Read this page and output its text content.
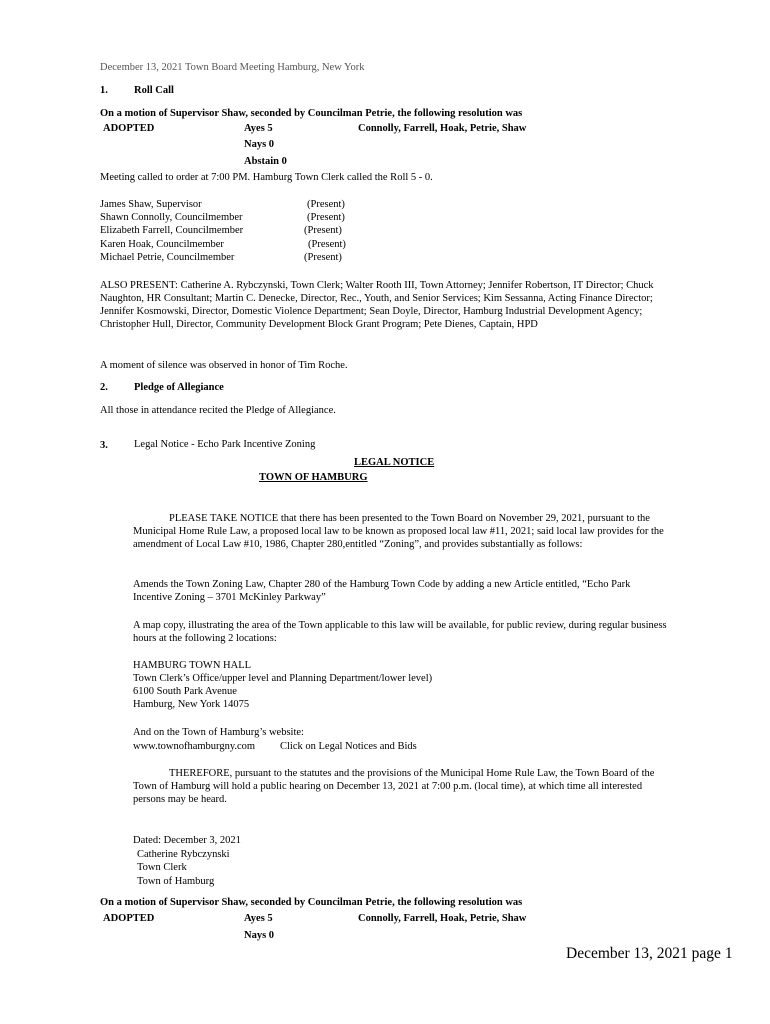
December 13, 2021 Town Board Meeting Hamburg, New York
1. Roll Call
On a motion of Supervisor Shaw, seconded by Councilman Petrie, the following resolution was
ADOPTED	Ayes 5	Connolly, Farrell, Hoak, Petrie, Shaw
Nays 0
Abstain 0
Meeting called to order at 7:00 PM. Hamburg Town Clerk called the Roll 5 - 0.
James Shaw, Supervisor	(Present)
Shawn Connolly, Councilmember	(Present)
Elizabeth Farrell, Councilmember	(Present)
Karen Hoak, Councilmember	(Present)
Michael Petrie, Councilmember	(Present)
ALSO PRESENT: Catherine A. Rybczynski, Town Clerk; Walter Rooth III, Town Attorney; Jennifer Robertson, IT Director; Chuck Naughton, HR Consultant; Martin C. Denecke, Director, Rec., Youth, and Senior Services; Kim Sessanna, Acting Finance Director; Jennifer Kosmowski, Director, Domestic Violence Department; Sean Doyle, Director, Hamburg Industrial Development Agency; Christopher Hull, Director, Community Development Block Grant Program; Pete Dienes, Captain, HPD
A moment of silence was observed in honor of Tim Roche.
2. Pledge of Allegiance
All those in attendance recited the Pledge of Allegiance.
3. Legal Notice - Echo Park Incentive Zoning
LEGAL NOTICE
TOWN OF HAMBURG
PLEASE TAKE NOTICE that there has been presented to the Town Board on November 29, 2021, pursuant to the Municipal Home Rule Law, a proposed local law to be known as proposed local law #11, 2021; said local law provides for the amendment of Local Law #10, 1986, Chapter 280,entitled “Zoning”, and provides substantially as follows:
Amends the Town Zoning Law, Chapter 280 of the Hamburg Town Code by adding a new Article entitled, “Echo Park Incentive Zoning – 3701 McKinley Parkway”
A map copy, illustrating the area of the Town applicable to this law will be available, for public review, during regular business hours at the following 2 locations:
HAMBURG TOWN HALL
Town Clerk’s Office/upper level and Planning Department/lower level)
6100 South Park Avenue
Hamburg, New York 14075
And on the Town of Hamburg’s website:
www.townofhamburgny.com Click on Legal Notices and Bids
THEREFORE, pursuant to the statutes and the provisions of the Municipal Home Rule Law, the Town Board of the Town of Hamburg will hold a public hearing on December 13, 2021 at 7:00 p.m. (local time), at which time all interested persons may be heard.
Dated: December 3, 2021
Catherine Rybczynski
Town Clerk
Town of Hamburg
On a motion of Supervisor Shaw, seconded by Councilman Petrie, the following resolution was
ADOPTED	Ayes 5	Connolly, Farrell, Hoak, Petrie, Shaw
Nays 0
December 13, 2021 page 1
